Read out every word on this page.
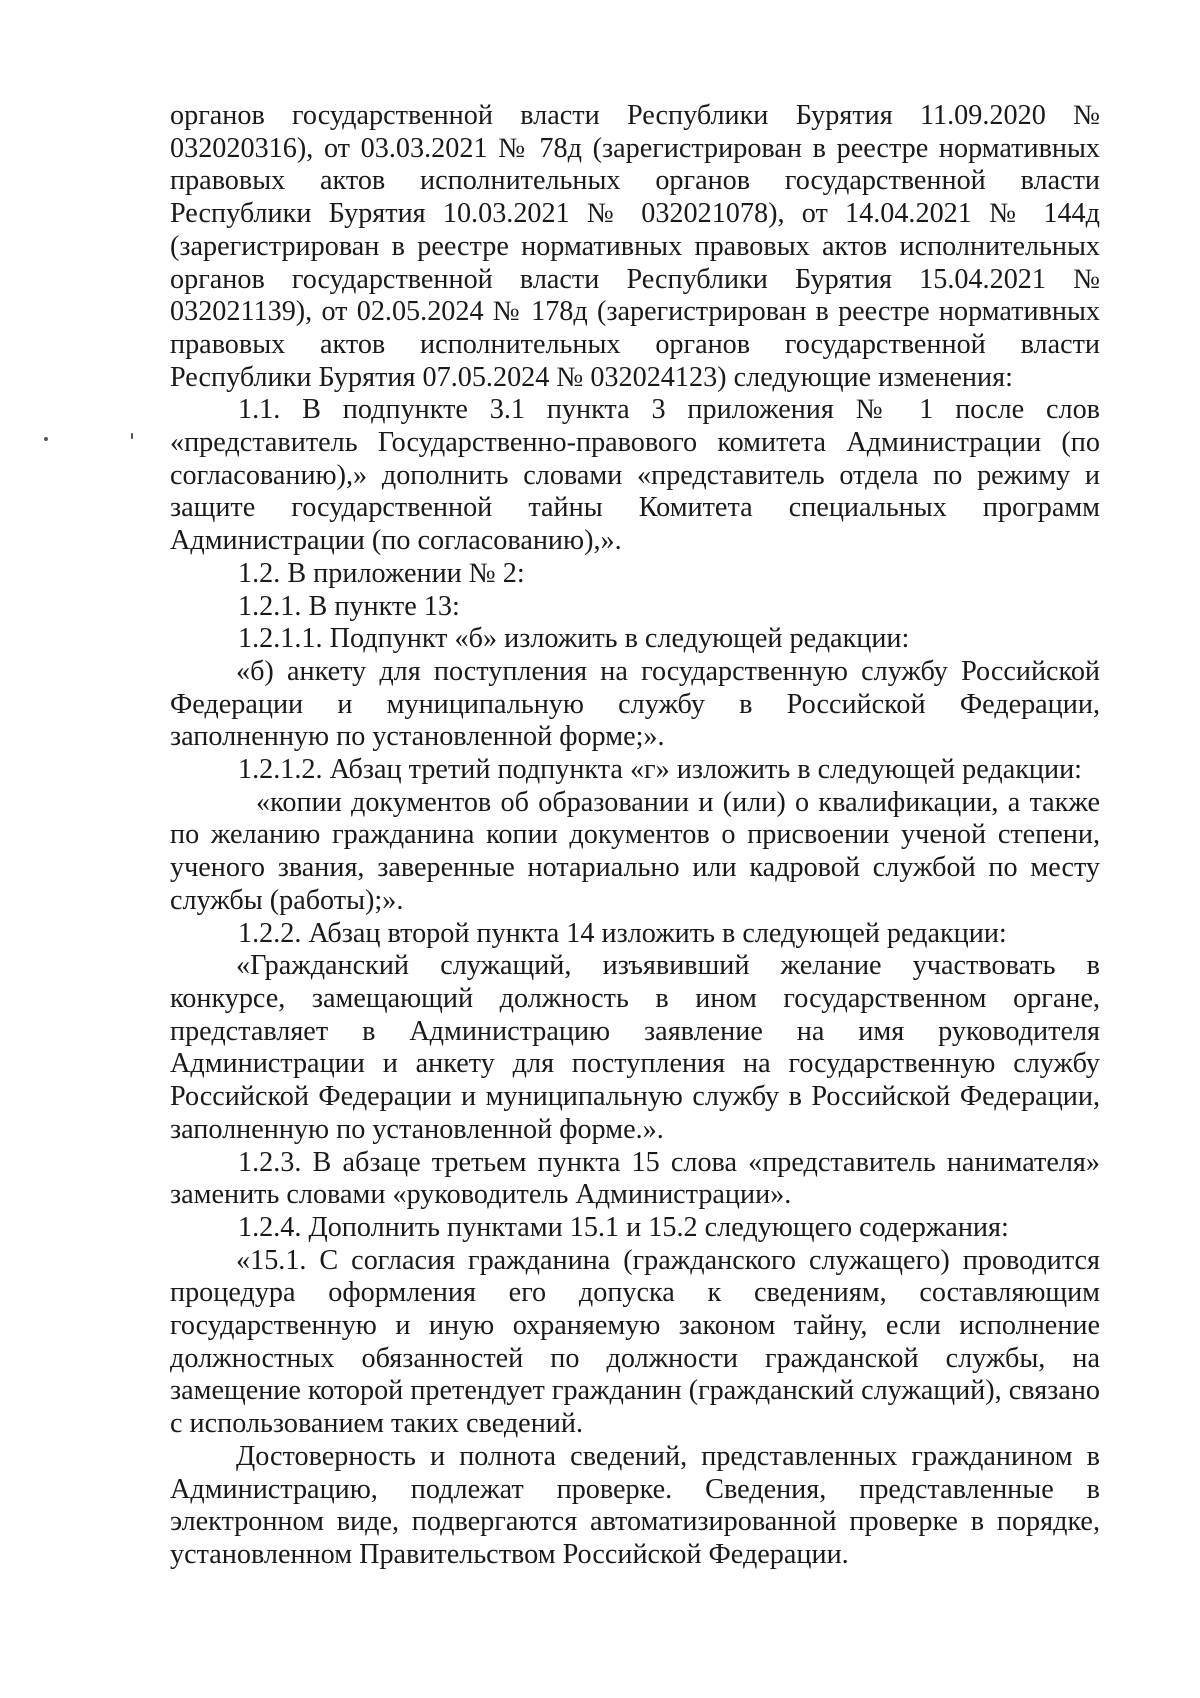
органов государственной власти Республики Бурятия 11.09.2020 № 032020316), от 03.03.2021 № 78д (зарегистрирован в реестре нормативных правовых актов исполнительных органов государственной власти Республики Бурятия 10.03.2021 № 032021078), от 14.04.2021 № 144д (зарегистрирован в реестре нормативных правовых актов исполнительных органов государственной власти Республики Бурятия 15.04.2021 № 032021139), от 02.05.2024 № 178д (зарегистрирован в реестре нормативных правовых актов исполнительных органов государственной власти Республики Бурятия 07.05.2024 № 032024123) следующие изменения:

1.1. В подпункте 3.1 пункта 3 приложения № 1 после слов «представитель Государственно-правового комитета Администрации (по согласованию),» дополнить словами «представитель отдела по режиму и защите государственной тайны Комитета специальных программ Администрации (по согласованию),».

1.2. В приложении № 2:

1.2.1. В пункте 13:

1.2.1.1. Подпункт «б» изложить в следующей редакции:

«б) анкету для поступления на государственную службу Российской Федерации и муниципальную службу в Российской Федерации, заполненную по установленной форме;».

1.2.1.2. Абзац третий подпункта «г» изложить в следующей редакции:

«копии документов об образовании и (или) о квалификации, а также по желанию гражданина копии документов о присвоении ученой степени, ученого звания, заверенные нотариально или кадровой службой по месту службы (работы);».

1.2.2. Абзац второй пункта 14 изложить в следующей редакции:

«Гражданский служащий, изъявивший желание участвовать в конкурсе, замещающий должность в ином государственном органе, представляет в Администрацию заявление на имя руководителя Администрации и анкету для поступления на государственную службу Российской Федерации и муниципальную службу в Российской Федерации, заполненную по установленной форме.».

1.2.3. В абзаце третьем пункта 15 слова «представитель нанимателя» заменить словами «руководитель Администрации».

1.2.4. Дополнить пунктами 15.1 и 15.2 следующего содержания:

«15.1. С согласия гражданина (гражданского служащего) проводится процедура оформления его допуска к сведениям, составляющим государственную и иную охраняемую законом тайну, если исполнение должностных обязанностей по должности гражданской службы, на замещение которой претендует гражданин (гражданский служащий), связано с использованием таких сведений.

Достоверность и полнота сведений, представленных гражданином в Администрацию, подлежат проверке. Сведения, представленные в электронном виде, подвергаются автоматизированной проверке в порядке, установленном Правительством Российской Федерации.
